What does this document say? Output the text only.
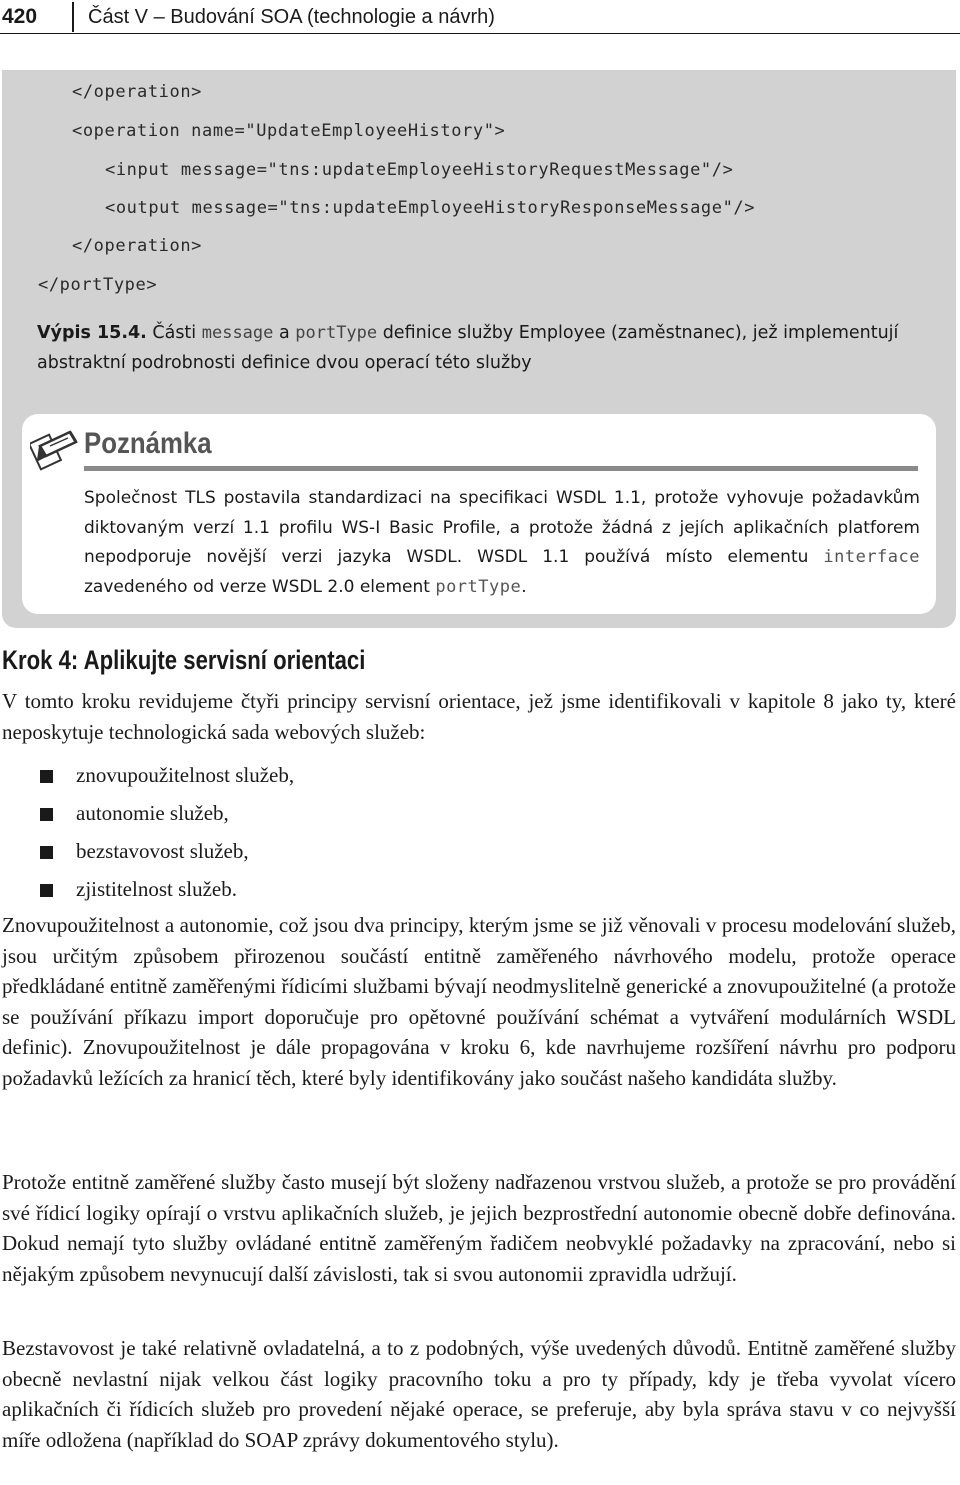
420	Část V – Budování SOA (technologie a návrh)
</operation>
<operation name="UpdateEmployeeHistory">
<input message="tns:updateEmployeeHistoryRequestMessage"/>
<output message="tns:updateEmployeeHistoryResponseMessage"/>
</operation>
</portType>
Výpis 15.4. Části message a portType definice služby Employee (zaměstnanec), jež implementují abstraktní podrobnosti definice dvou operací této služby
Poznámka
Společnost TLS postavila standardizaci na specifikaci WSDL 1.1, protože vyhovuje požadavkům diktovaným verzí 1.1 profilu WS-I Basic Profile, a protože žádná z jejích aplikačních platforem nepodporuje novější verzi jazyka WSDL. WSDL 1.1 používá místo elementu interface zavedeného od verze WSDL 2.0 element portType.
Krok 4: Aplikujte servisní orientaci

V tomto kroku revidujeme čtyři principy servisní orientace, jež jsme identifikovali v kapitole 8 jako ty, které neposkytuje technologická sada webových služeb:

znovupoužitelnost služeb,
autonomie služeb,
bezstavovost služeb,
zjistitelnost služeb.

Znovupoužitelnost a autonomie, což jsou dva principy, kterým jsme se již věnovali v procesu modelování služeb, jsou určitým způsobem přirozenou součástí entitně zaměřeného návrhového modelu, protože operace předkládané entitně zaměřenými řídicími službami bývají neodmyslitelně generické a znovupoužitelné (a protože se používání příkazu import doporučuje pro opětovné používání schémat a vytváření modulárních WSDL definic). Znovupoužitelnost je dále propagována v kroku 6, kde navrhujeme rozšíření návrhu pro podporu požadavků ležících za hranicí těch, které byly identifikovány jako součást našeho kandidáta služby.

Protože entitně zaměřené služby často musejí být složeny nadřazenou vrstvou služeb, a protože se pro provádění své řídicí logiky opírají o vrstvu aplikačních služeb, je jejich bezprostřední autonomie obecně dobře definována. Dokud nemají tyto služby ovládané entitně zaměřeným řadičem neobvyklé požadavky na zpracování, nebo si nějakým způsobem nevynucují další závislosti, tak si svou autonomii zpravidla udržují.

Bezstavovost je také relativně ovladatelná, a to z podobných, výše uvedených důvodů. Entitně zaměřené služby obecně nevlastní nijak velkou část logiky pracovního toku a pro ty případy, kdy je třeba vyvolat vícero aplikačních či řídicích služeb pro provedení nějaké operace, se preferuje, aby byla správa stavu v co nejvyšší míře odložena (například do SOAP zprávy dokumentového stylu).
